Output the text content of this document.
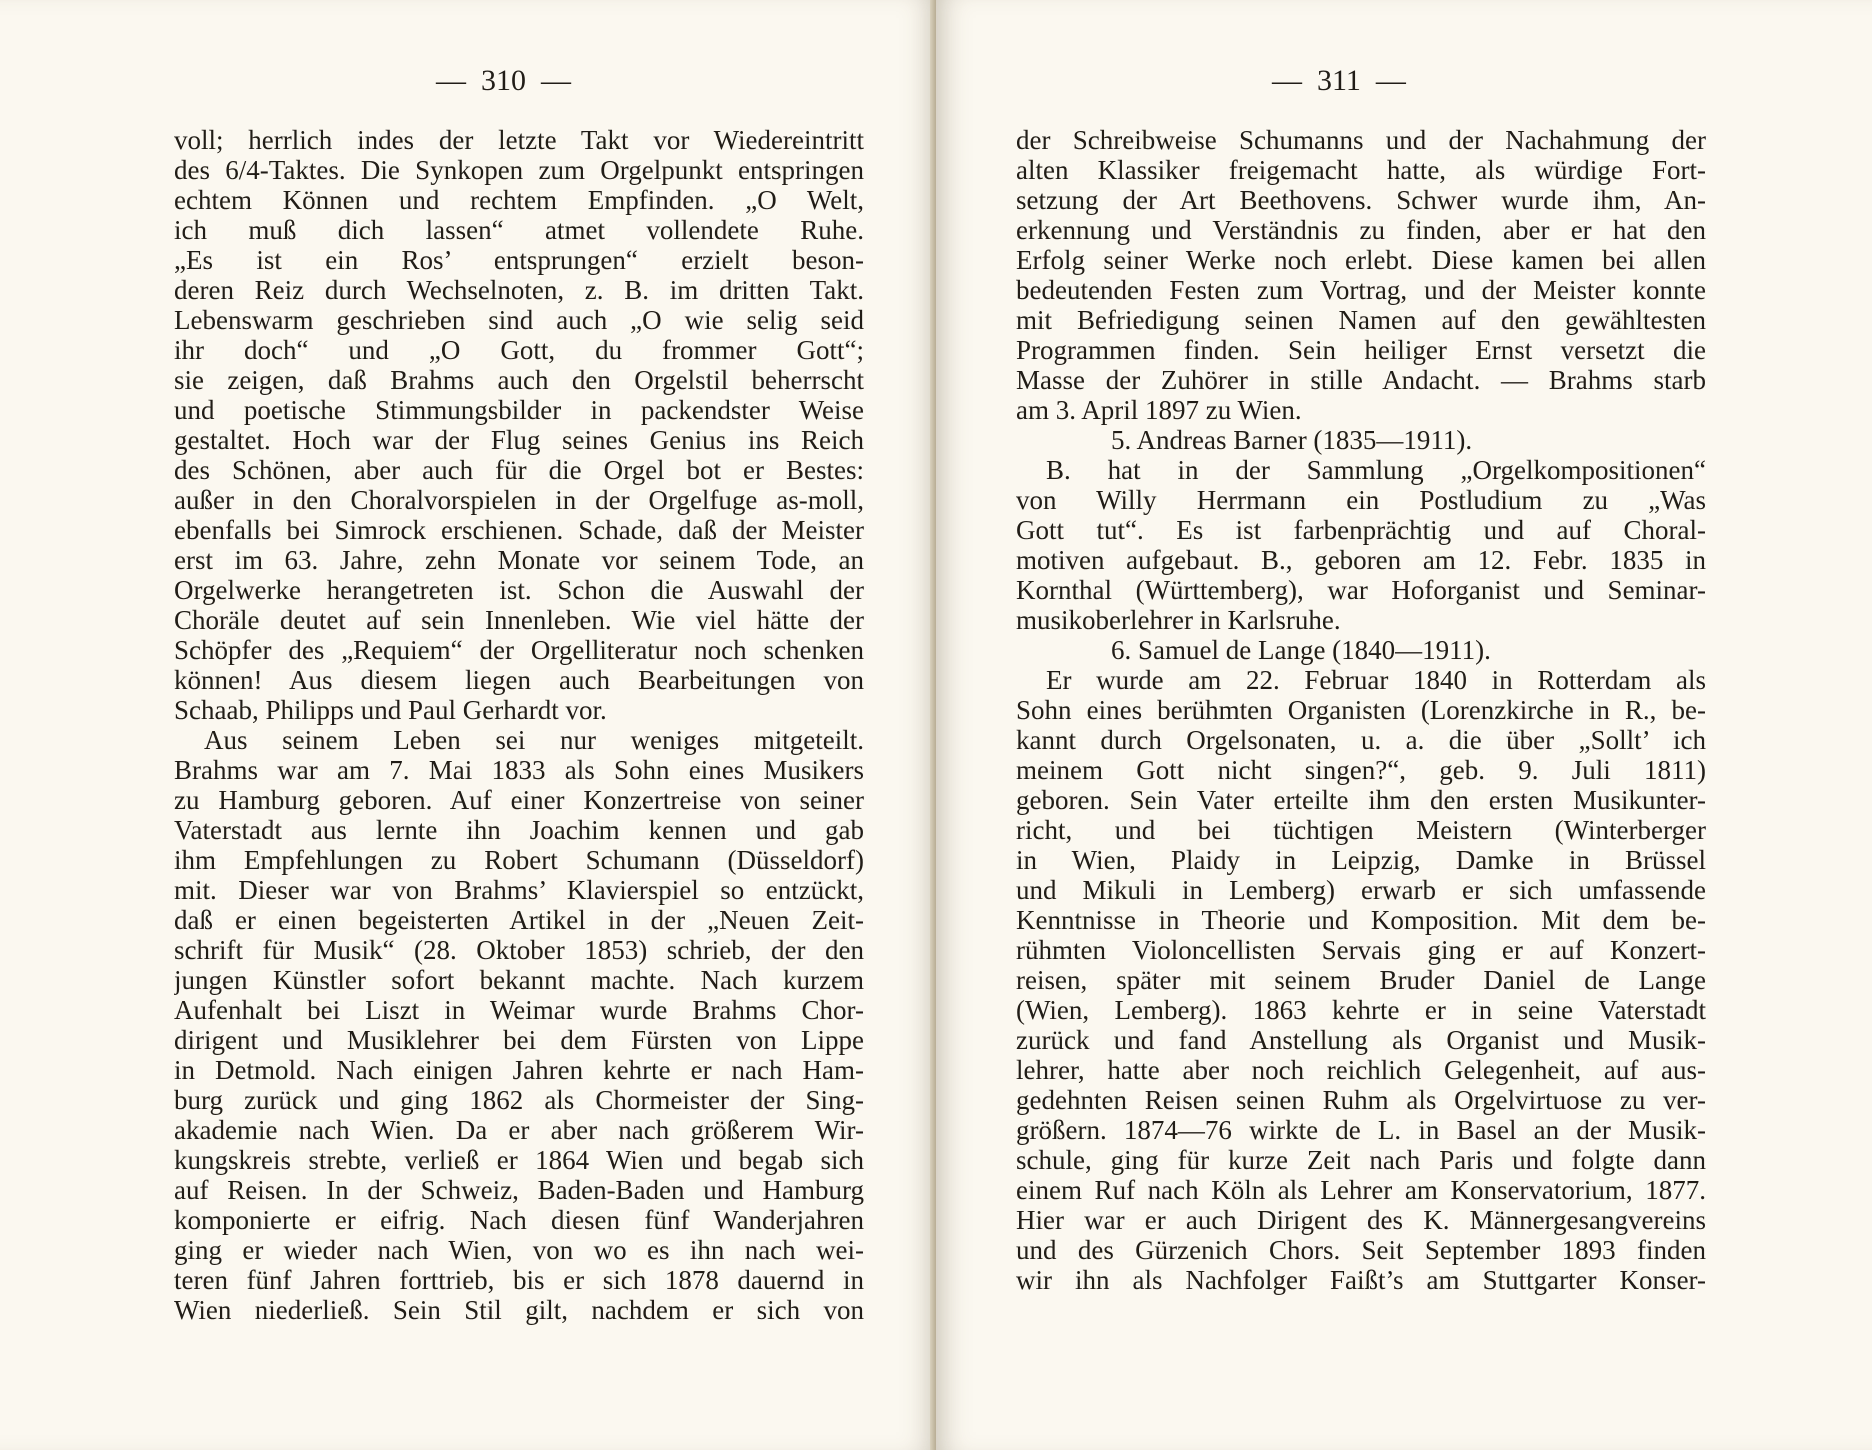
—  310  —
voll; herrlich indes der letzte Takt vor Wiedereintritt
des 6/4-Taktes. Die Synkopen zum Orgelpunkt entspringen
echtem Können und rechtem Empfinden. „O Welt,
ich muß dich lassen“ atmet vollendete Ruhe.
„Es ist ein Ros’ entsprungen“ erzielt beson-
deren Reiz durch Wechselnoten, z. B. im dritten Takt.
Lebenswarm geschrieben sind auch „O wie selig seid
ihr doch“ und „O Gott, du frommer Gott“;
sie zeigen, daß Brahms auch den Orgelstil beherrscht
und poetische Stimmungsbilder in packendster Weise
gestaltet. Hoch war der Flug seines Genius ins Reich
des Schönen, aber auch für die Orgel bot er Bestes:
außer in den Choralvorspielen in der Orgelfuge as-moll,
ebenfalls bei Simrock erschienen. Schade, daß der Meister
erst im 63. Jahre, zehn Monate vor seinem Tode, an
Orgelwerke herangetreten ist. Schon die Auswahl der
Choräle deutet auf sein Innenleben. Wie viel hätte der
Schöpfer des „Requiem“ der Orgelliteratur noch schenken
können! Aus diesem liegen auch Bearbeitungen von
Schaab, Philipps und Paul Gerhardt vor.
Aus seinem Leben sei nur weniges mitgeteilt.
Brahms war am 7. Mai 1833 als Sohn eines Musikers
zu Hamburg geboren. Auf einer Konzertreise von seiner
Vaterstadt aus lernte ihn Joachim kennen und gab
ihm Empfehlungen zu Robert Schumann (Düsseldorf)
mit. Dieser war von Brahms’ Klavierspiel so entzückt,
daß er einen begeisterten Artikel in der „Neuen Zeit-
schrift für Musik“ (28. Oktober 1853) schrieb, der den
jungen Künstler sofort bekannt machte. Nach kurzem
Aufenhalt bei Liszt in Weimar wurde Brahms Chor-
dirigent und Musiklehrer bei dem Fürsten von Lippe
in Detmold. Nach einigen Jahren kehrte er nach Ham-
burg zurück und ging 1862 als Chormeister der Sing-
akademie nach Wien. Da er aber nach größerem Wir-
kungskreis strebte, verließ er 1864 Wien und begab sich
auf Reisen. In der Schweiz, Baden-Baden und Hamburg
komponierte er eifrig. Nach diesen fünf Wanderjahren
ging er wieder nach Wien, von wo es ihn nach wei-
teren fünf Jahren forttrieb, bis er sich 1878 dauernd in
Wien niederließ. Sein Stil gilt, nachdem er sich von
—  311  —
der Schreibweise Schumanns und der Nachahmung der
alten Klassiker freigemacht hatte, als würdige Fort-
setzung der Art Beethovens. Schwer wurde ihm, An-
erkennung und Verständnis zu finden, aber er hat den
Erfolg seiner Werke noch erlebt. Diese kamen bei allen
bedeutenden Festen zum Vortrag, und der Meister konnte
mit Befriedigung seinen Namen auf den gewähltesten
Programmen finden. Sein heiliger Ernst versetzt die
Masse der Zuhörer in stille Andacht. — Brahms starb
am 3. April 1897 zu Wien.
5. Andreas Barner (1835—1911).
B. hat in der Sammlung „Orgelkompositionen“
von Willy Herrmann ein Postludium zu „Was
Gott tut“. Es ist farbenprächtig und auf Choral-
motiven aufgebaut. B., geboren am 12. Febr. 1835 in
Kornthal (Württemberg), war Hoforganist und Seminar-
musikoberlehrer in Karlsruhe.
6. Samuel de Lange (1840—1911).
Er wurde am 22. Februar 1840 in Rotterdam als
Sohn eines berühmten Organisten (Lorenzkirche in R., be-
kannt durch Orgelsonaten, u. a. die über „Sollt’ ich
meinem Gott nicht singen?“, geb. 9. Juli 1811)
geboren. Sein Vater erteilte ihm den ersten Musikunter-
richt, und bei tüchtigen Meistern (Winterberger
in Wien, Plaidy in Leipzig, Damke in Brüssel
und Mikuli in Lemberg) erwarb er sich umfassende
Kenntnisse in Theorie und Komposition. Mit dem be-
rühmten Violoncellisten Servais ging er auf Konzert-
reisen, später mit seinem Bruder Daniel de Lange
(Wien, Lemberg). 1863 kehrte er in seine Vaterstadt
zurück und fand Anstellung als Organist und Musik-
lehrer, hatte aber noch reichlich Gelegenheit, auf aus-
gedehnten Reisen seinen Ruhm als Orgelvirtuose zu ver-
größern. 1874—76 wirkte de L. in Basel an der Musik-
schule, ging für kurze Zeit nach Paris und folgte dann
einem Ruf nach Köln als Lehrer am Konservatorium, 1877.
Hier war er auch Dirigent des K. Männergesangvereins
und des Gürzenich Chors. Seit September 1893 finden
wir ihn als Nachfolger Faißt’s am Stuttgarter Konser-
